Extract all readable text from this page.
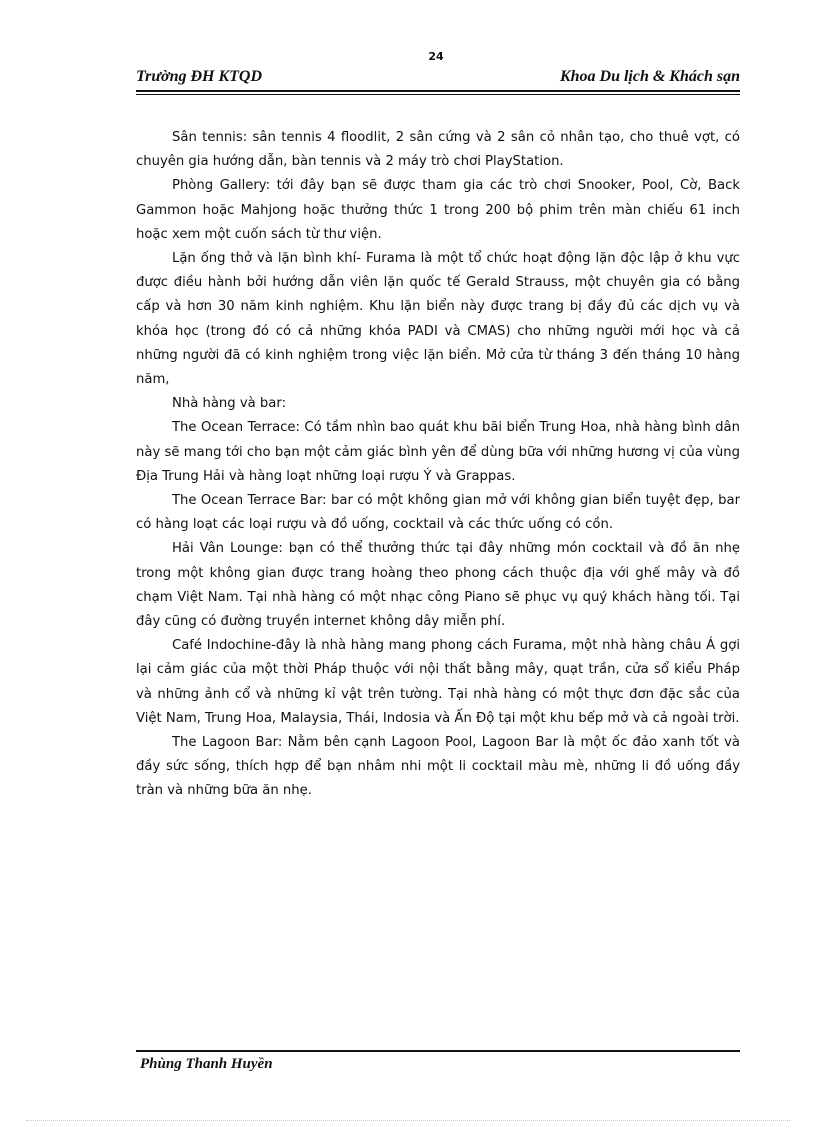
24
Trường ĐH KTQD	Khoa Du lịch & Khách sạn

Sân tennis: sân tennis 4 floodlit, 2 sân cứng và 2 sân cỏ nhân tạo, cho thuê vợt, có chuyên gia hướng dẫn, bàn tennis và 2 máy trò chơi PlayStation.

Phòng Gallery: tới đây bạn sẽ được tham gia các trò chơi Snooker, Pool, Cờ, Back Gammon hoặc Mahjong hoặc thưởng thức 1 trong 200 bộ phim trên màn chiếu 61 inch hoặc xem một cuốn sách từ thư viện.

Lặn ống thở và lặn bình khí- Furama là một tổ chức hoạt động lặn độc lập ở khu vực được điều hành bởi hướng dẫn viên lặn quốc tế Gerald Strauss, một chuyên gia có bằng cấp và hơn 30 năm kinh nghiệm. Khu lặn biển này được trang bị đầy đủ các dịch vụ và khóa học (trong đó có cả những khóa PADI và CMAS) cho những người mới học và cả những người đã có kinh nghiệm trong việc lặn biển. Mở cửa từ tháng 3 đến tháng 10 hàng năm,

Nhà hàng và bar:

The Ocean Terrace: Có tầm nhìn bao quát khu bãi biển Trung Hoa, nhà hàng bình dân này sẽ mang tới cho bạn một cảm giác bình yên để dùng bữa với những hương vị của vùng Địa Trung Hải và hàng loạt những loại rượu Ý và Grappas.

The Ocean Terrace Bar: bar có một không gian mở với không gian biển tuyệt đẹp, bar có hàng loạt các loại rượu và đồ uống, cocktail và các thức uống có cồn.

Hải Vân Lounge: bạn có thể thưởng thức tại đây những món cocktail và đồ ăn nhẹ trong một không gian được trang hoàng theo phong cách thuộc địa với ghế mây và đồ chạm Việt Nam. Tại nhà hàng có một nhạc công Piano sẽ phục vụ quý khách hàng tối. Tại đây cũng có đường truyền internet không dây miễn phí.

Café Indochine-đây là nhà hàng mang phong cách Furama, một nhà hàng châu Á gợi lại cảm giác của một thời Pháp thuộc với nội thất bằng mây, quạt trần, cửa sổ kiểu Pháp và những ảnh cổ và những kỉ vật trên tường. Tại nhà hàng có một thực đơn đặc sắc của Việt Nam, Trung Hoa, Malaysia, Thái, Indosia và Ấn Độ tại một khu bếp mở và cả ngoài trời.

The Lagoon Bar: Nằm bên cạnh Lagoon Pool, Lagoon Bar là một ốc đảo xanh tốt và đầy sức sống, thích hợp để bạn nhâm nhi một li cocktail màu mè, những li đồ uống đầy tràn và những bữa ăn nhẹ.

Phùng Thanh Huyền
